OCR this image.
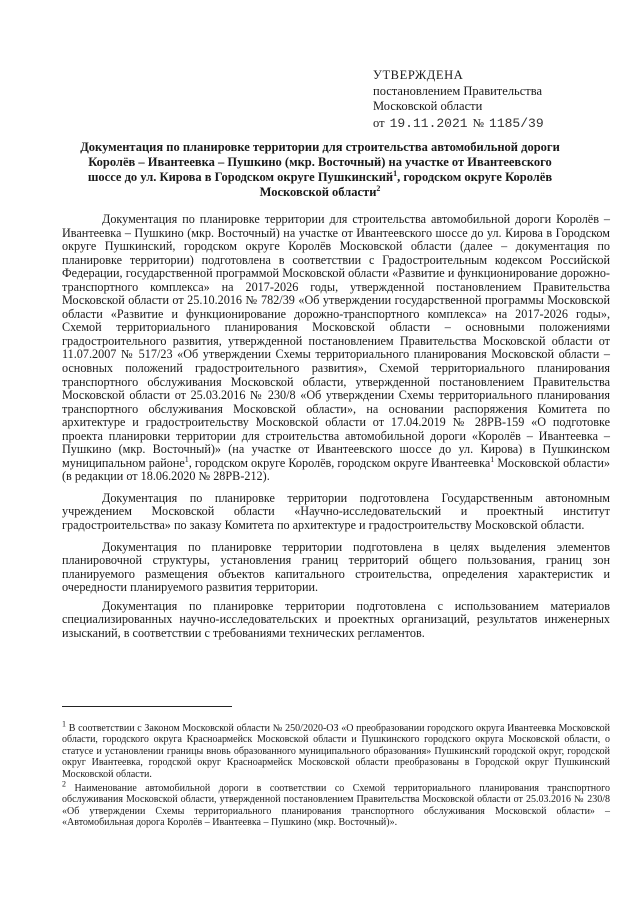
УТВЕРЖДЕНА
постановлением Правительства
Московской области
от 19.11.2021 № 1185/39
Документация по планировке территории для строительства автомобильной дороги Королёв – Ивантеевка – Пушкино (мкр. Восточный) на участке от Ивантеевского шоссе до ул. Кирова в Городском округе Пушкинский$^1$, городском округе Королёв Московской области$^2$

Документация по планировке территории для строительства автомобильной дороги Королёв – Ивантеевка – Пушкино (мкр. Восточный) на участке от Ивантеевского шоссе до ул. Кирова в Городском округе Пушкинский, городском округе Королёв Московской области (далее – документация по планировке территории) подготовлена в соответствии с Градостроительным кодексом Российской Федерации, государственной программой Московской области «Развитие и функционирование дорожно-транспортного комплекса» на 2017-2026 годы, утвержденной постановлением Правительства Московской области от 25.10.2016 № 782/39 «Об утверждении государственной программы Московской области «Развитие и функционирование дорожно-транспортного комплекса» на 2017-2026 годы», Схемой территориального планирования Московской области – основными положениями градостроительного развития, утвержденной постановлением Правительства Московской области от 11.07.2007 № 517/23 «Об утверждении Схемы территориального планирования Московской области – основных положений градостроительного развития», Схемой территориального планирования транспортного обслуживания Московской области, утвержденной постановлением Правительства Московской области от 25.03.2016 № 230/8 «Об утверждении Схемы территориального планирования транспортного обслуживания Московской области», на основании распоряжения Комитета по архитектуре и градостроительству Московской области от 17.04.2019 № 28РВ-159 «О подготовке проекта планировки территории для строительства автомобильной дороги «Королёв – Ивантеевка – Пушкино (мкр. Восточный)» (на участке от Ивантеевского шоссе до ул. Кирова) в Пушкинском муниципальном районе$^1$, городском округе Королёв, городском округе Ивантеевка$^1$ Московской области» (в редакции от 18.06.2020 № 28РВ-212).

Документация по планировке территории подготовлена Государственным автономным учреждением Московской области «Научно-исследовательский и проектный институт градостроительства» по заказу Комитета по архитектуре и градостроительству Московской области.

Документация по планировке территории подготовлена в целях выделения элементов планировочной структуры, установления границ территорий общего пользования, границ зон планируемого размещения объектов капитального строительства, определения характеристик и очередности планируемого развития территории.

Документация по планировке территории подготовлена с использованием материалов специализированных научно-исследовательских и проектных организаций, результатов инженерных изысканий, в соответствии с требованиями технических регламентов.

$^1$ В соответствии с Законом Московской области № 250/2020-ОЗ «О преобразовании городского округа Ивантеевка Московской области, городского округа Красноармейск Московской области и Пушкинского городского округа Московской области, о статусе и установлении границы вновь образованного муниципального образования» Пушкинский городской округ, городской округ Ивантеевка, городской округ Красноармейск Московской области преобразованы в Городской округ Пушкинский Московской области.

$^2$ Наименование автомобильной дороги в соответствии со Схемой территориального планирования транспортного обслуживания Московской области, утвержденной постановлением Правительства Московской области от 25.03.2016 № 230/8 «Об утверждении Схемы территориального планирования транспортного обслуживания Московской области» – «Автомобильная дорога Королёв – Ивантеевка – Пушкино (мкр. Восточный)».
